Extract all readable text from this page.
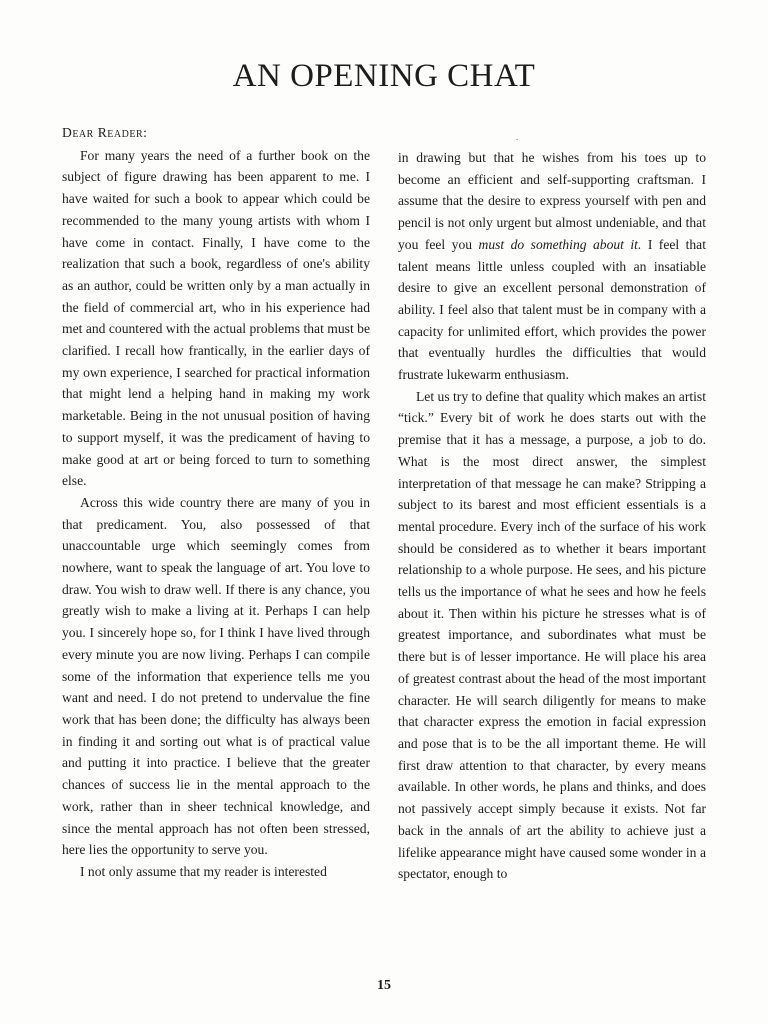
AN OPENING CHAT
Dear Reader:

For many years the need of a further book on the subject of figure drawing has been apparent to me. I have waited for such a book to appear which could be recommended to the many young artists with whom I have come in contact. Finally, I have come to the realization that such a book, regardless of one's ability as an author, could be written only by a man actually in the field of commercial art, who in his experience had met and countered with the actual problems that must be clarified. I recall how frantically, in the earlier days of my own experience, I searched for practical information that might lend a helping hand in making my work marketable. Being in the not unusual position of having to support myself, it was the predicament of having to make good at art or being forced to turn to something else.

Across this wide country there are many of you in that predicament. You, also possessed of that unaccountable urge which seemingly comes from nowhere, want to speak the language of art. You love to draw. You wish to draw well. If there is any chance, you greatly wish to make a living at it. Perhaps I can help you. I sincerely hope so, for I think I have lived through every minute you are now living. Perhaps I can compile some of the information that experience tells me you want and need. I do not pretend to undervalue the fine work that has been done; the difficulty has always been in finding it and sorting out what is of practical value and putting it into practice. I believe that the greater chances of success lie in the mental approach to the work, rather than in sheer technical knowledge, and since the mental approach has not often been stressed, here lies the opportunity to serve you.

I not only assume that my reader is interested

.

in drawing but that he wishes from his toes up to become an efficient and self-supporting craftsman. I assume that the desire to express yourself with pen and pencil is not only urgent but almost undeniable, and that you feel you must do something about it. I feel that talent means little unless coupled with an insatiable desire to give an excellent personal demonstration of ability. I feel also that talent must be in company with a capacity for unlimited effort, which provides the power that eventually hurdles the difficulties that would frustrate lukewarm enthusiasm.

Let us try to define that quality which makes an artist “tick.” Every bit of work he does starts out with the premise that it has a message, a purpose, a job to do. What is the most direct answer, the simplest interpretation of that message he can make? Stripping a subject to its barest and most efficient essentials is a mental procedure. Every inch of the surface of his work should be considered as to whether it bears important relationship to a whole purpose. He sees, and his picture tells us the importance of what he sees and how he feels about it. Then within his picture he stresses what is of greatest importance, and subordinates what must be there but is of lesser importance. He will place his area of greatest contrast about the head of the most important character. He will search diligently for means to make that character express the emotion in facial expression and pose that is to be the all important theme. He will first draw attention to that character, by every means available. In other words, he plans and thinks, and does not passively accept simply because it exists. Not far back in the annals of art the ability to achieve just a lifelike appearance might have caused some wonder in a spectator, enough to

15
